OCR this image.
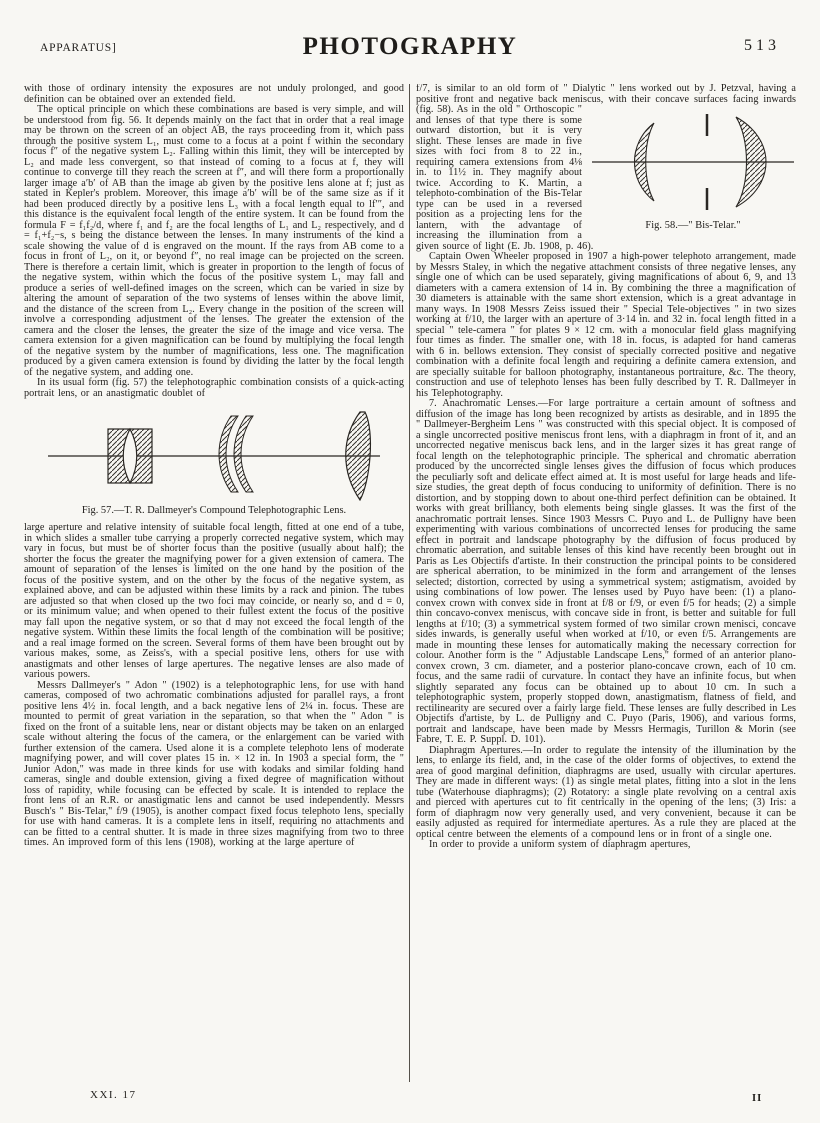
APPARATUS]	PHOTOGRAPHY	513
with those of ordinary intensity the exposures are not unduly prolonged, and good definition can be obtained over an extended field.
The optical principle on which these combinations are based is very simple, and will be understood from fig. 56. It depends mainly on the fact that in order that a real image may be thrown on the screen of an object AB, the rays proceeding from it, which pass through the positive system L₁, must come to a focus at a point f within the secondary focus f″ of the negative system L₂. Falling within this limit, they will be intercepted by L₂ and made less convergent, so that instead of coming to a focus at f, they will continue to converge till they reach the screen at f″, and will there form a proportionally larger image a′b′ of AB than the image ab given by the positive lens alone at f; just as stated in Kepler's problem. Moreover, this image a′b′ will be of the same size as if it had been produced directly by a positive lens L₃ with a focal length equal to lf′″, and this distance is the equivalent focal length of the entire system. It can be found from the formula F = f₁f₂/d, where f₁ and f₂ are the focal lengths of L₁ and L₂ respectively, and d = f₁+f₂−s, s being the distance between the lenses. In many instruments of the kind a scale showing the value of d is engraved on the mount. If the rays from AB come to a focus in front of L₂, on it, or beyond f″, no real image can be projected on the screen. There is therefore a certain limit, which is greater in proportion to the length of focus of the negative system, within which the focus of the positive system L₁ may fall and produce a series of well-defined images on the screen, which can be varied in size by altering the amount of separation of the two systems of lenses within the above limit, and the distance of the screen from L₂. Every change in the position of the screen will involve a corresponding adjustment of the lenses. The greater the extension of the camera and the closer the lenses, the greater the size of the image and vice versa. The camera extension for a given magnification can be found by multiplying the focal length of the negative system by the number of magnifications, less one. The magnification produced by a given camera extension is found by dividing the latter by the focal length of the negative system, and adding one.
In its usual form (fig. 57) the telephotographic combination consists of a quick-acting portrait lens, or an anastigmatic doublet of
Fig. 57.—T. R. Dallmeyer's Compound Telephotographic Lens.
large aperture and relative intensity of suitable focal length, fitted at one end of a tube, in which slides a smaller tube carrying a properly corrected negative system, which may vary in focus, but must be of shorter focus than the positive (usually about half); the shorter the focus the greater the magnifying power for a given extension of camera. The amount of separation of the lenses is limited on the one hand by the position of the focus of the positive system, and on the other by the focus of the negative system, as explained above, and can be adjusted within these limits by a rack and pinion. The tubes are adjusted so that when closed up the two foci may coincide, or nearly so, and d = 0, or its minimum value; and when opened to their fullest extent the focus of the positive may fall upon the negative system, or so that d may not exceed the focal length of the negative system. Within these limits the focal length of the combination will be positive; and a real image formed on the screen. Several forms of them have been brought out by various makes, some, as Zeiss's, with a special positive lens, others for use with anastigmats and other lenses of large apertures. The negative lenses are also made of various powers.
Messrs Dallmeyer's " Adon " (1902) is a telephotographic lens, for use with hand cameras, composed of two achromatic combinations adjusted for parallel rays, a front positive lens 4½ in. focal length, and a back negative lens of 2¼ in. focus. These are mounted to permit of great variation in the separation, so that when the " Adon " is fixed on the front of a suitable lens, near or distant objects may be taken on an enlarged scale without altering the focus of the camera, or the enlargement can be varied with further extension of the camera. Used alone it is a complete telephoto lens of moderate magnifying power, and will cover plates 15 in. × 12 in. In 1903 a special form, the " Junior Adon," was made in three kinds for use with kodaks and similar folding hand cameras, single and double extension, giving a fixed degree of magnification without loss of rapidity, while focusing can be effected by scale. It is intended to replace the front lens of an R.R. or anastigmatic lens and cannot be used independently. Messrs Busch's " Bis-Telar," f/9 (1905), is another compact fixed focus telephoto lens, specially for use with hand cameras. It is a complete lens in itself, requiring no attachments and can be fitted to a central shutter. It is made in three sizes magnifying from two to three times. An improved form of this lens (1908), working at the large aperture of
f/7, is similar to an old form of " Dialytic " lens worked out by J. Petzval, having a positive front and negative back meniscus,
Fig. 58.—" Bis-Telar."
with their concave surfaces facing inwards (fig. 58). As in the old " Orthoscopic " and lenses of that type there is some outward distortion, but it is very slight. These lenses are made in five sizes with foci from 8 to 22 in., requiring camera extensions from 4⅛ in. to 11½ in. They magnify about twice. According to K. Martin, a telephoto-combination of the Bis-Telar type can be used in a reversed position as a projecting lens for the lantern, with the advantage of increasing the illumination from a given source of light (E. Jb. 1908, p. 46).
Captain Owen Wheeler proposed in 1907 a high-power telephoto arrangement, made by Messrs Staley, in which the negative attachment consists of three negative lenses, any single one of which can be used separately, giving magnifications of about 6, 9, and 13 diameters with a camera extension of 14 in. By combining the three a magnification of 30 diameters is attainable with the same short extension, which is a great advantage in many ways. In 1908 Messrs Zeiss issued their " Special Tele-objectives " in two sizes working at f/10, the larger with an aperture of 3·14 in. and 32 in. focal length fitted in a special " tele-camera " for plates 9 × 12 cm. with a monocular field glass magnifying four times as finder. The smaller one, with 18 in. focus, is adapted for hand cameras with 6 in. bellows extension. They consist of specially corrected positive and negative combination with a definite focal length and requiring a definite camera extension, and are specially suitable for balloon photography, instantaneous portraiture, &c. The theory, construction and use of telephoto lenses has been fully described by T. R. Dallmeyer in his Telephotography.
7. Anachromatic Lenses.—For large portraiture a certain amount of softness and diffusion of the image has long been recognized by artists as desirable, and in 1895 the " Dallmeyer-Bergheim Lens " was constructed with this special object. It is composed of a single uncorrected positive meniscus front lens, with a diaphragm in front of it, and an uncorrected negative meniscus back lens, and in the larger sizes it has great range of focal length on the telephotographic principle. The spherical and chromatic aberration produced by the uncorrected single lenses gives the diffusion of focus which produces the peculiarly soft and delicate effect aimed at. It is most useful for large heads and life-size studies, the great depth of focus conducing to uniformity of definition. There is no distortion, and by stopping down to about one-third perfect definition can be obtained. It works with great brilliancy, both elements being single glasses. It was the first of the anachromatic portrait lenses. Since 1903 Messrs C. Puyo and L. de Pulligny have been experimenting with various combinations of uncorrected lenses for producing the same effect in portrait and landscape photography by the diffusion of focus produced by chromatic aberration, and suitable lenses of this kind have recently been brought out in Paris as Les Objectifs d'artiste. In their construction the principal points to be considered are spherical aberration, to be minimized in the form and arrangement of the lenses selected; distortion, corrected by using a symmetrical system; astigmatism, avoided by using combinations of low power. The lenses used by Puyo have been: (1) a plano-convex crown with convex side in front at f/8 or f/9, or even f/5 for heads; (2) a simple thin concavo-convex meniscus, with concave side in front, is better and suitable for full lengths at f/10; (3) a symmetrical system formed of two similar crown menisci, concave sides inwards, is generally useful when worked at f/10, or even f/5. Arrangements are made in mounting these lenses for automatically making the necessary correction for colour. Another form is the " Adjustable Landscape Lens," formed of an anterior plano-convex crown, 3 cm. diameter, and a posterior plano-concave crown, each of 10 cm. focus, and the same radii of curvature. In contact they have an infinite focus, but when slightly separated any focus can be obtained up to about 10 cm. In such a telephotographic system, properly stopped down, anastigmatism, flatness of field, and rectilinearity are secured over a fairly large field. These lenses are fully described in Les Objectifs d'artiste, by L. de Pulligny and C. Puyo (Paris, 1906), and various forms, portrait and landscape, have been made by Messrs Hermagis, Turillon & Morin (see Fabre, T. E. P. Suppl. D. 101).
Diaphragm Apertures.—In order to regulate the intensity of the illumination by the lens, to enlarge its field, and, in the case of the older forms of objectives, to extend the area of good marginal definition, diaphragms are used, usually with circular apertures. They are made in different ways: (1) as single metal plates, fitting into a slot in the lens tube (Waterhouse diaphragms); (2) Rotatory: a single plate revolving on a central axis and pierced with apertures cut to fit centrically in the opening of the lens; (3) Iris: a form of diaphragm now very generally used, and very convenient, because it can be easily adjusted as required for intermediate apertures. As a rule they are placed at the optical centre between the elements of a compound lens or in front of a single one.
In order to provide a uniform system of diaphragm apertures,
XXI. 17	II
